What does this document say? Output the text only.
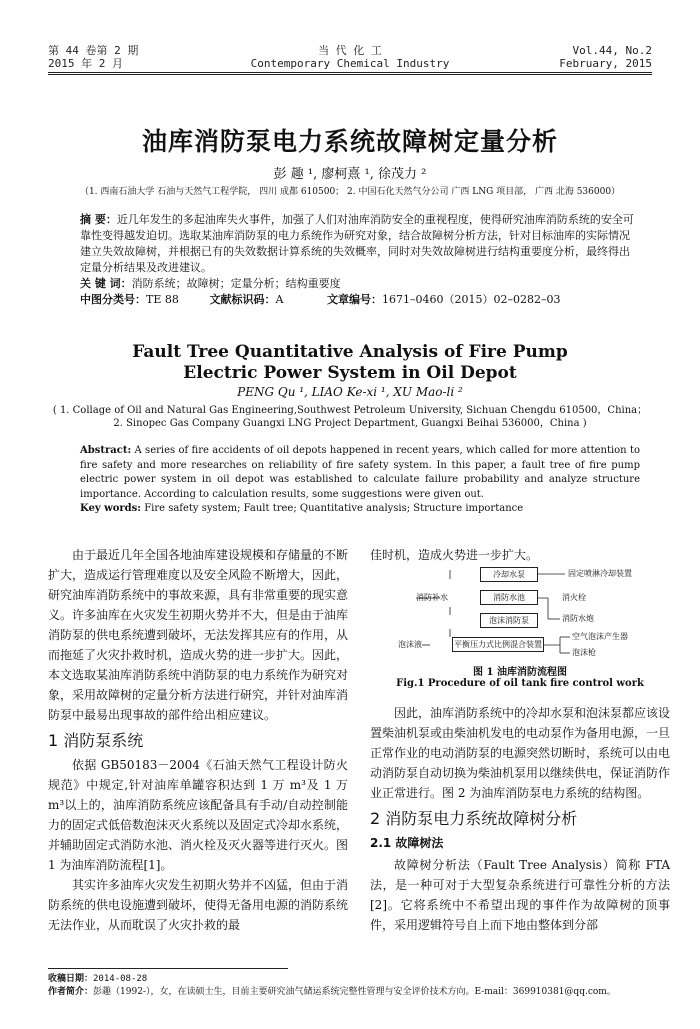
第 44 卷第 2 期
2015 年 2 月
当 代 化 工
Contemporary Chemical Industry
Vol.44, No.2
February, 2015
油库消防泵电力系统故障树定量分析
彭 趣 ¹, 廖柯熹 ¹, 徐茂力 ²
（1. 西南石油大学 石油与天然气工程学院， 四川 成都 610500； 2. 中国石化天然气分公司 广西 LNG 项目部， 广西 北海 536000）
摘 要：近几年发生的多起油库失火事件，加强了人们对油库消防安全的重视程度，使得研究油库消防系统的安全可靠性变得越发迫切。选取某油库消防泵的电力系统作为研究对象，结合故障树分析方法，针对目标油库的实际情况建立失效故障树，并根据已有的失效数据计算系统的失效概率，同时对失效故障树进行结构重要度分析，最终得出定量分析结果及改进建议。
关 键 词：消防系统；故障树；定量分析；结构重要度
中图分类号：TE 88	文献标识码：A	文章编号：1671–0460（2015）02–0282–03
Fault Tree Quantitative Analysis of Fire Pump
Electric Power System in Oil Depot
PENG Qu ¹, LIAO Ke-xi ¹, XU Mao-li ²
( 1. Collage of Oil and Natural Gas Engineering,Southwest Petroleum University, Sichuan Chengdu 610500，China；
2. Sinopec Gas Company Guangxi LNG Project Department, Guangxi Beihai 536000，China )
Abstract: A series of fire accidents of oil depots happened in recent years, which called for more attention to fire safety and more researches on reliability of fire safety system. In this paper, a fault tree of fire pump electric power system in oil depot was established to calculate failure probability and analyze structure importance. According to calculation results, some suggestions were given out.
Key words: Fire safety system; Fault tree; Quantitative analysis; Structure importance
由于最近几年全国各地油库建设规模和存储量的不断扩大，造成运行管理难度以及安全风险不断增大，因此，研究油库消防系统中的事故来源，具有非常重要的现实意义。许多油库在火灾发生初期火势并不大，但是由于油库消防泵的供电系统遭到破坏，无法发挥其应有的作用，从而拖延了火灾扑救时机，造成火势的进一步扩大。因此，本文选取某油库消防系统中消防泵的电力系统作为研究对象，采用故障树的定量分析方法进行研究，并针对油库消防泵中最易出现事故的部件给出相应建议。
1 消防泵系统
依据 GB50183－2004《石油天然气工程设计防火规范》中规定,针对油库单罐容积达到 1 万 m³及 1 万 m³以上的，油库消防系统应该配备具有手动/自动控制能力的固定式低倍数泡沫灭火系统以及固定式冷却水系统，并辅助固定式消防水池、消火栓及灭火器等进行灭火。图 1 为油库消防流程[1]。
其实许多油库火灾发生初期火势并不凶猛，但由于消防系统的供电设施遭到破坏，使得无备用电源的消防系统无法作业，从而耽误了火灾扑救的最
佳时机，造成火势进一步扩大。
冷却水泵
消防水池
泡沫消防泵
平衡压力式比例混合装置
消防补水
泡沫液
固定喷淋冷却装置
消火栓
消防水炮
空气泡沫产生器
泡沫枪
图 1 油库消防流程图
Fig.1 Procedure of oil tank fire control work
因此，油库消防系统中的冷却水泵和泡沫泵都应该设置柴油机泵或由柴油机发电的电动泵作为备用电源，一旦正常作业的电动消防泵的电源突然切断时，系统可以由电动消防泵自动切换为柴油机泵用以继续供电，保证消防作业正常进行。图 2 为油库消防泵电力系统的结构图。
2 消防泵电力系统故障树分析
2.1 故障树法
故障树分析法（Fault Tree Analysis）简称 FTA 法，是一种可对于大型复杂系统进行可靠性分析的方法[2]。它将系统中不希望出现的事件作为故障树的顶事件，采用逻辑符号自上而下地由整体到分部
收稿日期：2014-08-28
作者简介：彭趣（1992-），女，在读硕士生，目前主要研究油气储运系统完整性管理与安全评价技术方向。E-mail：369910381@qq.com。
